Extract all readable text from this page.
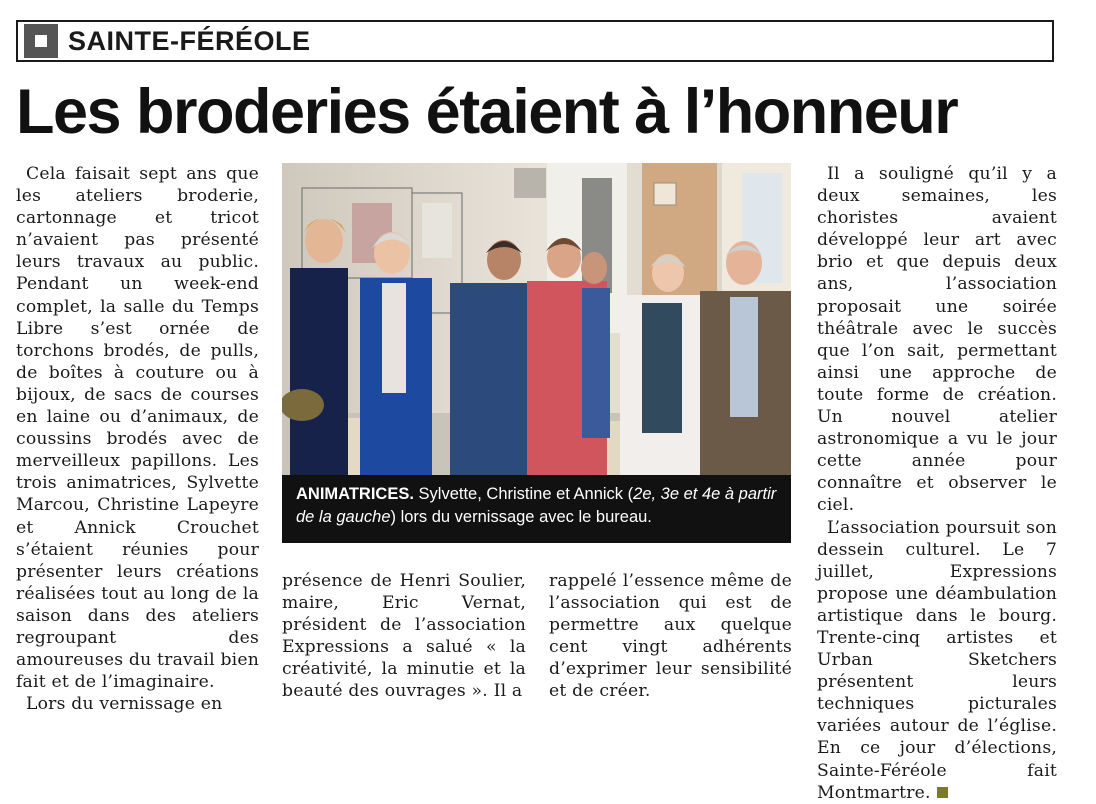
SAINTE-FÉRÉOLE
Les broderies étaient à l’honneur

Cela faisait sept ans que les ateliers broderie, cartonnage et tricot n’avaient pas présenté leurs travaux au public. Pendant un week-end complet, la salle du Temps Libre s’est ornée de torchons brodés, de pulls, de boîtes à couture ou à bijoux, de sacs de courses en laine ou d’animaux, de coussins brodés avec de merveilleux papillons. Les trois animatrices, Sylvette Marcou, Christine Lapeyre et Annick Crouchet s’étaient réunies pour présenter leurs créations réalisées tout au long de la saison dans des ateliers regroupant des amoureuses du travail bien fait et de l’imaginaire.

Lors du vernissage en

ANIMATRICES. Sylvette, Christine et Annick (2e, 3e et 4e à partir de la gauche) lors du vernissage avec le bureau.

présence de Henri Soulier, maire, Eric Vernat, président de l’association Expressions a salué « la créativité, la minutie et la beauté des ouvrages ». Il a

rappelé l’essence même de l’association qui est de permettre aux quelque cent vingt adhérents d’exprimer leur sensibilité et de créer.

Il a souligné qu’il y a deux semaines, les choristes avaient développé leur art avec brio et que depuis deux ans, l’association proposait une soirée théâtrale avec le succès que l’on sait, permettant ainsi une approche de toute forme de création. Un nouvel atelier astronomique a vu le jour cette année pour connaître et observer le ciel.

L’association poursuit son dessein culturel. Le 7 juillet, Expressions propose une déambulation artistique dans le bourg. Trente-cinq artistes et Urban Sketchers présentent leurs techniques picturales variées autour de l’église. En ce jour d’élections, Sainte-Féréole fait Montmartre.
